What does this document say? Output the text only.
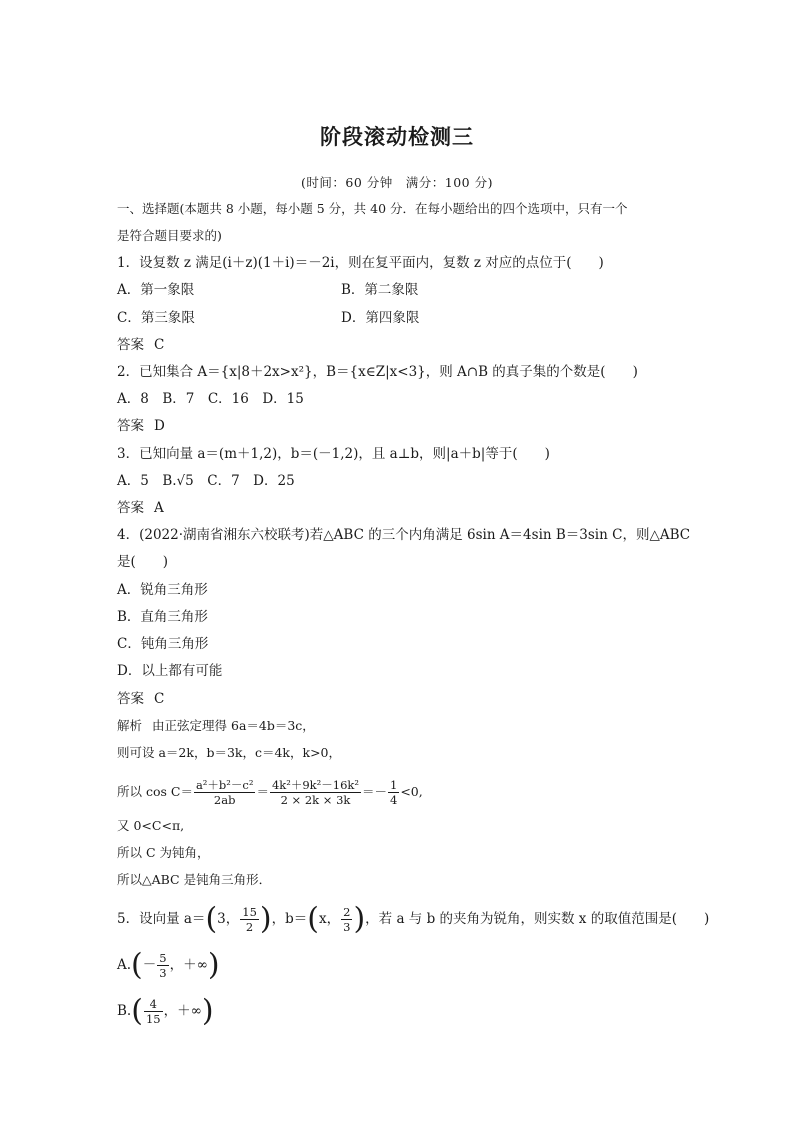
阶段滚动检测三
(时间：60 分钟　满分：100 分)
一、选择题(本题共 8 小题，每小题 5 分，共 40 分．在每小题给出的四个选项中，只有一个
是符合题目要求的)
1．设复数 z 满足(i＋z)(1＋i)＝－2i，则在复平面内，复数 z 对应的点位于(　　)
A．第一象限	B．第二象限
C．第三象限	D．第四象限
答案 C
2．已知集合 A＝{x|8＋2x>x²}，B＝{x∈Z|x<3}，则 A∩B 的真子集的个数是(　　)
A．8　B．7　C．16　D．15
答案 D
3．已知向量 a＝(m＋1,2)，b＝(－1,2)，且 a⊥b，则|a＋b|等于(　　)
A．5　B.√5　C．7　D．25
答案 A
4．(2022·湖南省湘东六校联考)若△ABC 的三个内角满足 6sin A＝4sin B＝3sin C，则△ABC
是(　　)
A．锐角三角形
B．直角三角形
C．钝角三角形
D．以上都有可能
答案 C
解析 由正弦定理得 6a＝4b＝3c，
则可设 a＝2k，b＝3k，c＝4k，k>0，
所以 $\cos C= \frac{\text{a²＋b²－c²}}{2ab} = \frac{\text{4k²＋9k²－16k²}}{2 \times 2k \times 3k} =- \frac{1}{4} <0$,
又 0<C<π,
所以 C 为钝角，
所以△ABC 是钝角三角形．
5．设向量 a＝(3， $\frac{15}{2}$ )，b＝(x， $\frac{2}{3}$ )，若 a 与 b 的夹角为锐角，则实数 x 的取值范围是(　　)
$A.(- \frac{5}{3}$ ，＋∞)
$B.( \frac{4}{15}$ ，＋∞)
